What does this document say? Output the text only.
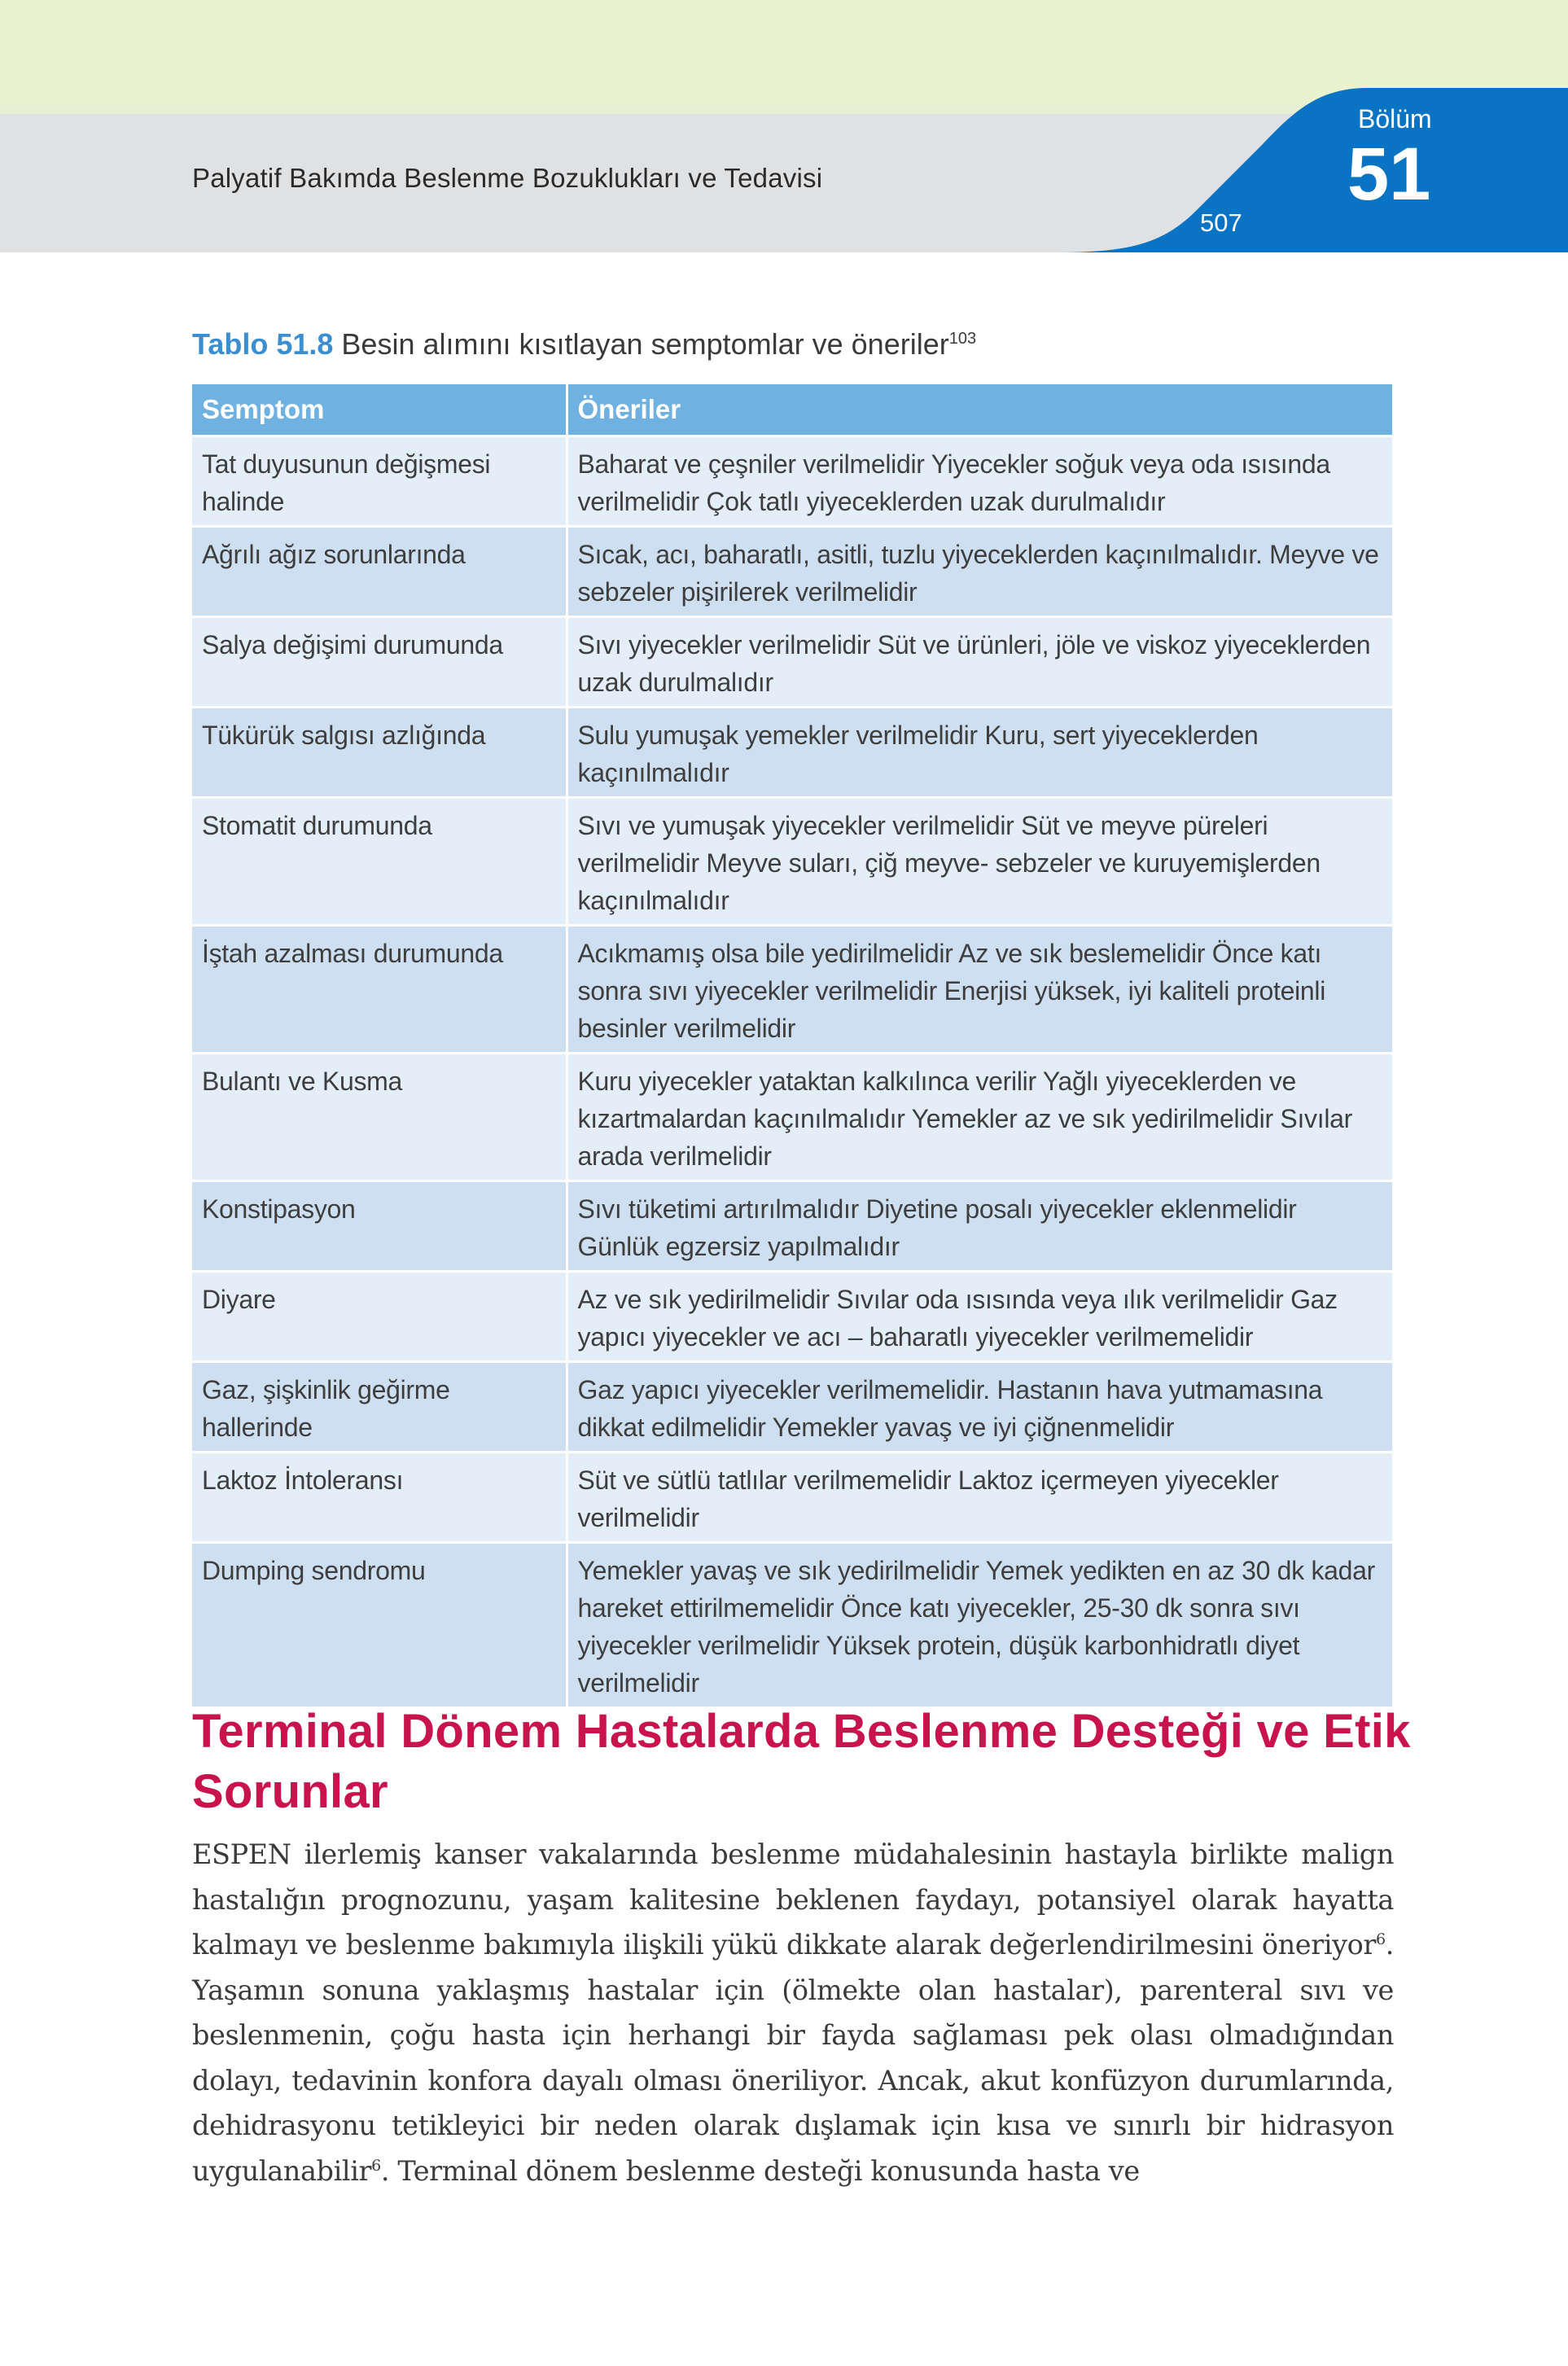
Palyatif Bakımda Beslenme Bozuklukları ve Tedavisi
507
Bölüm
51
Tablo 51.8 Besin alımını kısıtlayan semptomlar ve öneriler$^{103}$
Semptom	Öneriler
Tat duyusunun değişmesi halinde	Baharat ve çeşniler verilmelidir Yiyecekler soğuk veya oda ısısında verilmelidir Çok tatlı yiyeceklerden uzak durulmalıdır
Ağrılı ağız sorunlarında	Sıcak, acı, baharatlı, asitli, tuzlu yiyeceklerden kaçınılmalıdır. Meyve ve sebzeler pişirilerek verilmelidir
Salya değişimi durumunda	Sıvı yiyecekler verilmelidir Süt ve ürünleri, jöle ve viskoz yiyeceklerden uzak durulmalıdır
Tükürük salgısı azlığında	Sulu yumuşak yemekler verilmelidir Kuru, sert yiyeceklerden kaçınılmalıdır
Stomatit durumunda	Sıvı ve yumuşak yiyecekler verilmelidir Süt ve meyve püreleri verilmelidir Meyve suları, çiğ meyve- sebzeler ve kuruyemişlerden kaçınılmalıdır
İştah azalması durumunda	Acıkmamış olsa bile yedirilmelidir Az ve sık beslemelidir Önce katı sonra sıvı yiyecekler verilmelidir Enerjisi yüksek, iyi kaliteli proteinli besinler verilmelidir
Bulantı ve Kusma	Kuru yiyecekler yataktan kalkılınca verilir Yağlı yiyeceklerden ve kızartmalardan kaçınılmalıdır Yemekler az ve sık yedirilmelidir Sıvılar arada verilmelidir
Konstipasyon	Sıvı tüketimi artırılmalıdır Diyetine posalı yiyecekler eklenmelidir Günlük egzersiz yapılmalıdır
Diyare	Az ve sık yedirilmelidir Sıvılar oda ısısında veya ılık verilmelidir Gaz yapıcı yiyecekler ve acı – baharatlı yiyecekler verilmemelidir
Gaz, şişkinlik geğirme hallerinde	Gaz yapıcı yiyecekler verilmemelidir. Hastanın hava yutmamasına dikkat edilmelidir Yemekler yavaş ve iyi çiğnenmelidir
Laktoz İntoleransı	Süt ve sütlü tatlılar verilmemelidir Laktoz içermeyen yiyecekler verilmelidir
Dumping sendromu	Yemekler yavaş ve sık yedirilmelidir Yemek yedikten en az 30 dk kadar hareket ettirilmemelidir Önce katı yiyecekler, 25-30 dk sonra sıvı yiyecekler verilmelidir Yüksek protein, düşük karbonhidratlı diyet verilmelidir
Terminal Dönem Hastalarda Beslenme Desteği ve Etik Sorunlar

ESPEN ilerlemiş kanser vakalarında beslenme müdahalesinin hastayla birlikte malign hastalığın prognozunu, yaşam kalitesine beklenen faydayı, potansiyel olarak hayatta kalmayı ve beslenme bakımıyla ilişkili yükü dikkate alarak değerlendirilmesini öneriyor$^6$. Yaşamın sonuna yaklaşmış hastalar için (ölmekte olan hastalar), parenteral sıvı ve beslenmenin, çoğu hasta için herhangi bir fayda sağlaması pek olası olmadığından dolayı, tedavinin konfora dayalı olması öneriliyor. Ancak, akut konfüzyon durumlarında, dehidrasyonu tetikleyici bir neden olarak dışlamak için kısa ve sınırlı bir hidrasyon uygulanabilir$^6$. Terminal dönem beslenme desteği konusunda hasta ve
